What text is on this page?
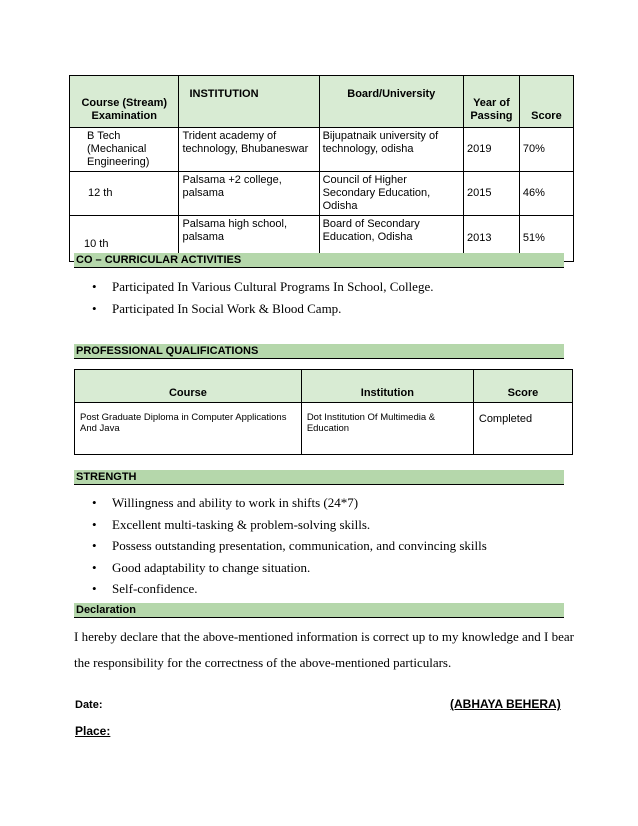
Course (Stream) Examination	INSTITUTION	Board/University	Year of Passing	Score

B Tech (Mechanical Engineering)	Trident academy of technology, Bhubaneswar	Bijupatnaik university of technology, odisha	2019	70%
12 th	Palsama +2 college, palsama	Council of Higher Secondary Education, Odisha	2015	46%
10 th	Palsama high school, palsama	Board of Secondary Education, Odisha	2013	51%
CO – CURRICULAR ACTIVITIES
• Participated In Various Cultural Programs In School, College.
• Participated In Social Work & Blood Camp.
PROFESSIONAL QUALIFICATIONS
Course	Institution	Score
Post Graduate Diploma in Computer Applications And Java	Dot Institution Of Multimedia & Education	Completed
STRENGTH
• Willingness and ability to work in shifts (24*7)
• Excellent multi-tasking & problem-solving skills.
• Possess outstanding presentation, communication, and convincing skills
• Good adaptability to change situation.
• Self-confidence.
Declaration
I hereby declare that the above-mentioned information is correct up to my knowledge and I bear the responsibility for the correctness of the above-mentioned particulars.
Date:	(ABHAYA BEHERA)
Place:
